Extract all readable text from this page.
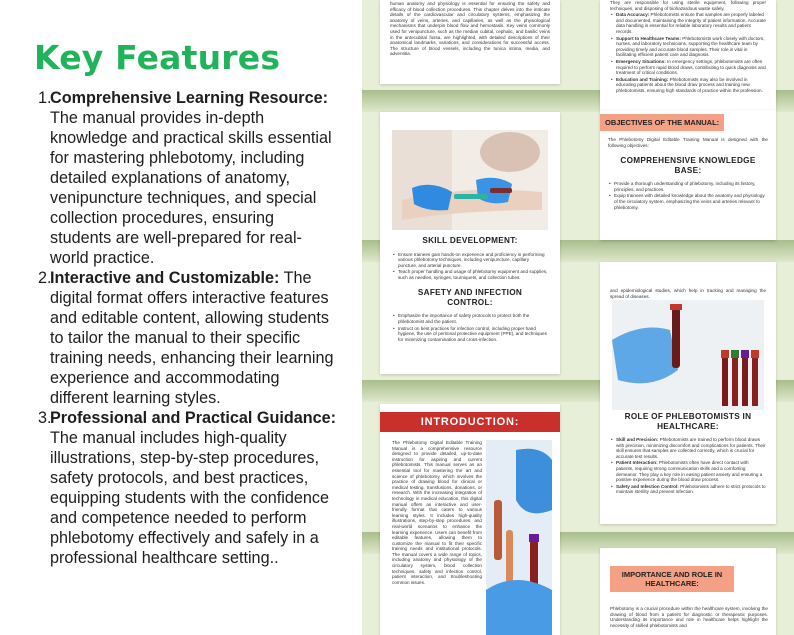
Key Features
1.
Comprehensive Learning Resource: The manual provides in-depth knowledge and practical skills essential for mastering phlebotomy, including detailed explanations of anatomy, venipuncture techniques, and special collection procedures, ensuring students are well-prepared for real-world practice.
2.
Interactive and Customizable: The digital format offers interactive features and editable content, allowing students to tailor the manual to their specific training needs, enhancing their learning experience and accommodating different learning styles.
3.
Professional and Practical Guidance: The manual includes high-quality illustrations, step-by-step procedures, safety protocols, and best practices, equipping students with the confidence and competence needed to perform phlebotomy effectively and safely in a professional healthcare setting..
human anatomy and physiology is essential for ensuring the safety and efficacy of blood collection procedures. This chapter delves into the intricate details of the cardiovascular and circulatory systems, emphasizing the anatomy of veins, arteries, and capillaries, as well as the physiological mechanisms that underpin blood flow and hemostasis. Key veins commonly used for venipuncture, such as the median cubital, cephalic, and basilic veins in the antecubital fossa, are highlighted, with detailed descriptions of their anatomical landmarks, variations, and considerations for successful access. The structure of blood vessels, including the tunica intima, media, and adventitia.
They are responsible for using sterile equipment, following proper techniques, and disposing of biohazardous waste safely.
• Data Accuracy: Phlebotomists ensure that samples are properly labeled and documented, maintaining the integrity of patient information. Accurate data handling is essential for reliable laboratory results and patient records.
• Support to Healthcare Teams: Phlebotomists work closely with doctors, nurses, and laboratory technicians, supporting the healthcare team by providing timely and accurate blood samples. Their role is vital in facilitating efficient patient care and diagnosis.
• Emergency Situations: In emergency settings, phlebotomists are often required to perform rapid blood draws, contributing to quick diagnosis and treatment of critical conditions.
• Education and Training: Phlebotomists may also be involved in educating patients about the blood draw process and training new phlebotomists, ensuring high standards of practice within the profession.
OBJECTIVES OF THE MANUAL:
The Phlebotomy Digital Editable Training Manual is designed with the following objectives:
COMPREHENSIVE KNOWLEDGE BASE:
• Provide a thorough understanding of phlebotomy, including its history, principles, and practices.
• Equip trainees with detailed knowledge about the anatomy and physiology of the circulatory system, emphasizing the veins and arteries relevant to phlebotomy.
SKILL DEVELOPMENT:
• Ensure trainees gain hands-on experience and proficiency in performing various phlebotomy techniques, including venipuncture, capillary puncture, and arterial puncture.
• Teach proper handling and usage of phlebotomy equipment and supplies, such as needles, syringes, tourniquets, and collection tubes.
SAFETY AND INFECTION CONTROL:
• Emphasize the importance of safety protocols to protect both the phlebotomist and the patient.
• Instruct on best practices for infection control, including proper hand hygiene, the use of personal protective equipment (PPE), and techniques for minimizing contamination and cross-infection.
and epidemiological studies, which help in tracking and managing the spread of diseases.
ROLE OF PHLEBOTOMISTS IN HEALTHCARE:
• Skill and Precision: Phlebotomists are trained to perform blood draws with precision, minimizing discomfort and complications for patients. Their skill ensures that samples are collected correctly, which is crucial for accurate test results.
• Patient Interaction: Phlebotomists often have direct contact with patients, requiring strong communication skills and a comforting demeanor. They play a key role in easing patient anxiety and ensuring a positive experience during the blood draw process.
• Safety and Infection Control: Phlebotomists adhere to strict protocols to maintain sterility and prevent infection.
INTRODUCTION:
The Phlebotomy Digital Editable Training Manual is a comprehensive resource designed to provide detailed, up-to-date instruction for aspiring and current phlebotomists. This manual serves as an essential tool for mastering the art and science of phlebotomy, which involves the practice of drawing blood for clinical or medical testing, transfusions, donations, or research. With the increasing integration of technology in medical education, this digital manual offers an interactive and user-friendly format that caters to various learning styles. It includes high-quality illustrations, step-by-step procedures, and real-world scenarios to enhance the learning experience. Users can benefit from editable features, allowing them to customize the manual to fit their specific training needs and institutional protocols. The manual covers a wide range of topics, including anatomy and physiology of the circulatory system, blood collection techniques, safety and infection control, patient interaction, and troubleshooting common issues.
IMPORTANCE AND ROLE IN HEALTHCARE:
Phlebotomy is a crucial procedure within the healthcare system, involving the drawing of blood from a patient for diagnostic or therapeutic purposes. Understanding its importance and role in healthcare helps highlight the necessity of skilled phlebotomists and
